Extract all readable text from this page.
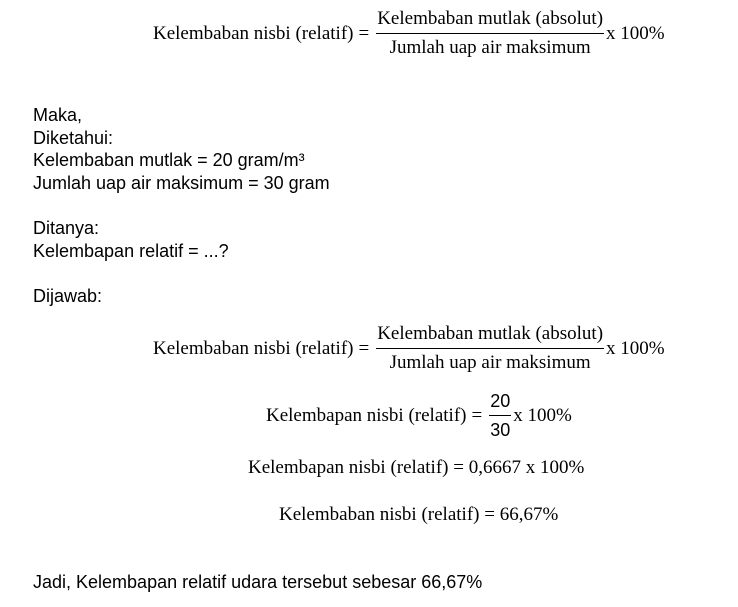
Kelembaban nisbi (relatif) = $\frac{\text{Kelembaban mutlak (absolut)}}{\text{Jumlah uap air maksimum}}$ x 100%
Maka,
Diketahui:
Kelembaban mutlak = 20 gram/m³
Jumlah uap air maksimum = 30 gram
Ditanya:
Kelembapan relatif = ...?
Dijawab:
Kelembaban nisbi (relatif) = $\frac{\text{Kelembaban mutlak (absolut)}}{\text{Jumlah uap air maksimum}}$ x 100%
Kelembapan nisbi (relatif) = $\frac{20}{30}$ x 100%
Kelembapan nisbi (relatif) = 0,6667 x 100%
Kelembaban nisbi (relatif) = 66,67%
Jadi, Kelembapan relatif udara tersebut sebesar 66,67%
